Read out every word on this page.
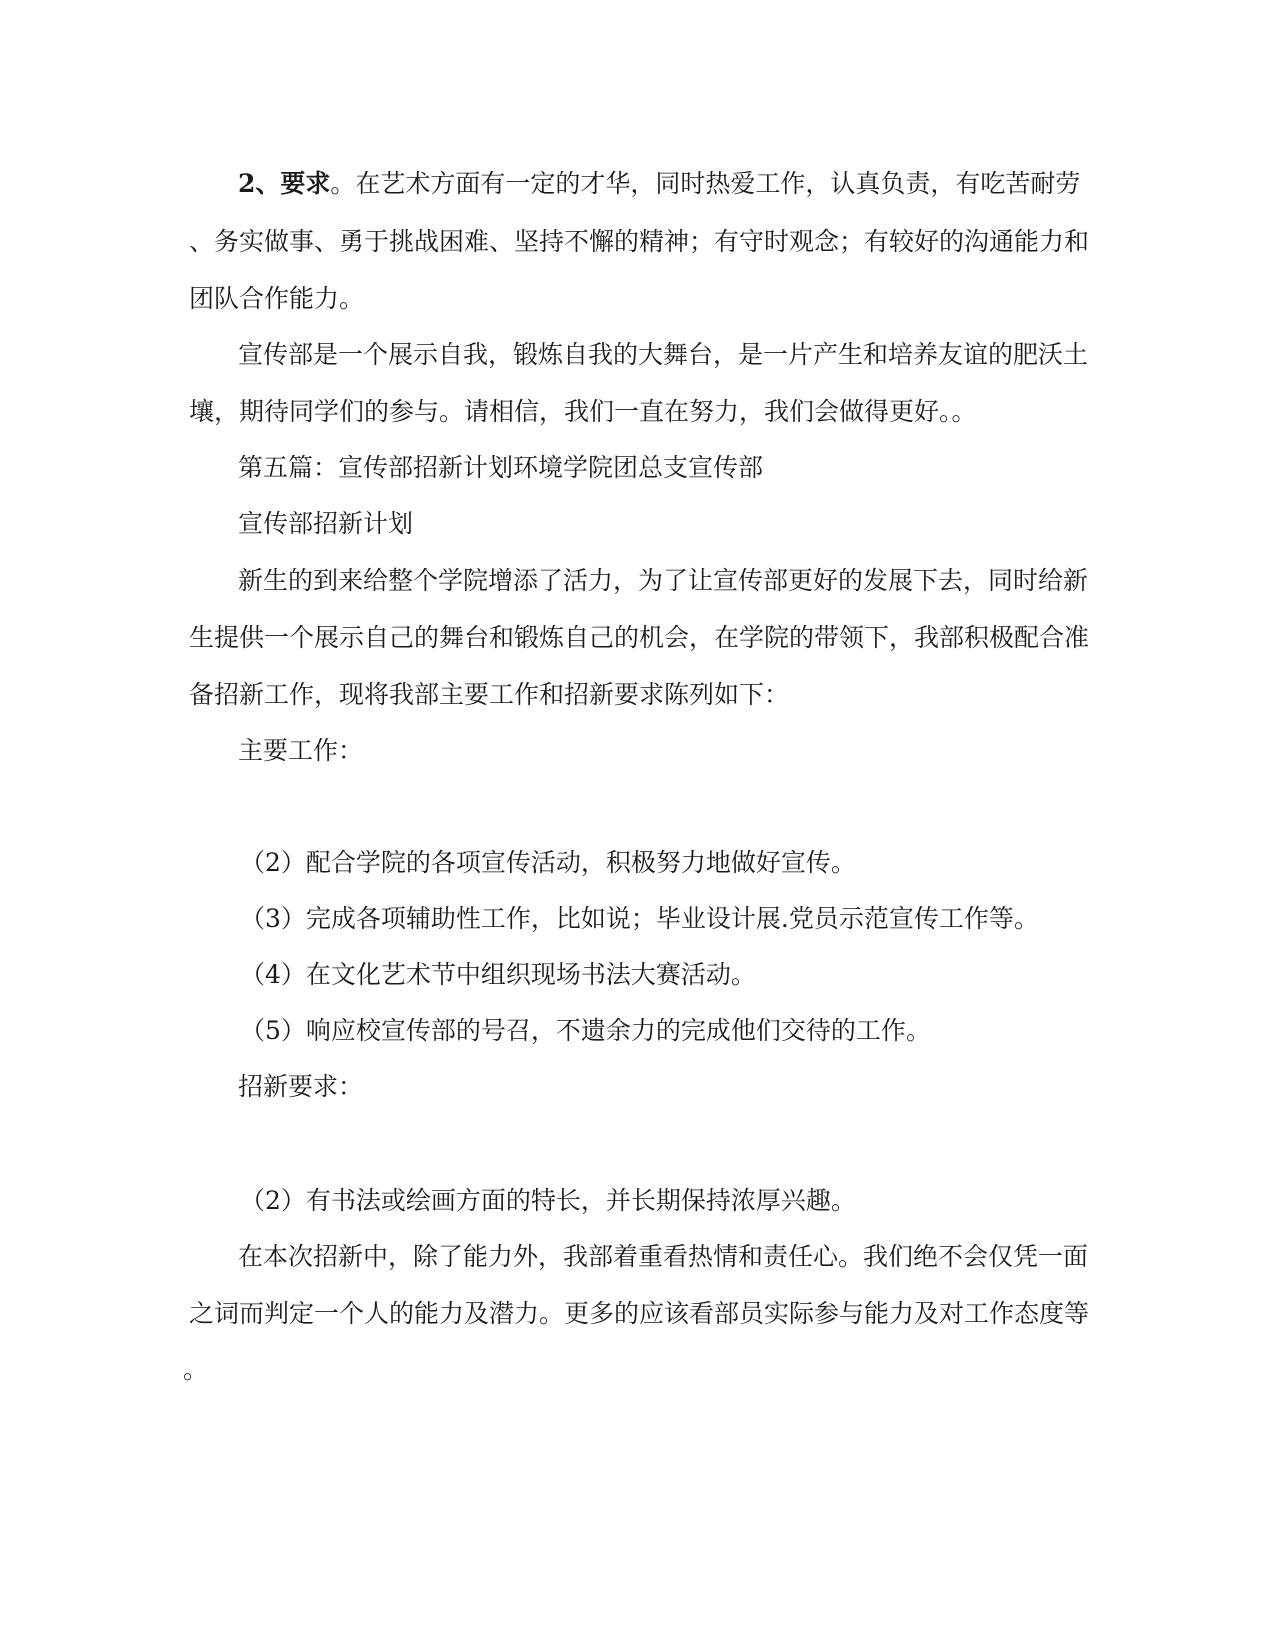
2、要求。在艺术方面有一定的才华，同时热爱工作，认真负责，有吃苦耐劳
、务实做事、勇于挑战困难、坚持不懈的精神；有守时观念；有较好的沟通能力和
团队合作能力。
宣传部是一个展示自我，锻炼自我的大舞台，是一片产生和培养友谊的肥沃土
壤，期待同学们的参与。请相信，我们一直在努力，我们会做得更好。。
第五篇：宣传部招新计划环境学院团总支宣传部
宣传部招新计划
新生的到来给整个学院增添了活力，为了让宣传部更好的发展下去，同时给新
生提供一个展示自己的舞台和锻炼自己的机会，在学院的带领下，我部积极配合准
备招新工作，现将我部主要工作和招新要求陈列如下：
主要工作：
（2）配合学院的各项宣传活动，积极努力地做好宣传。
（3）完成各项辅助性工作，比如说；毕业设计展.党员示范宣传工作等。
（4）在文化艺术节中组织现场书法大赛活动。
（5）响应校宣传部的号召，不遗余力的完成他们交待的工作。
招新要求：
（2）有书法或绘画方面的特长，并长期保持浓厚兴趣。
在本次招新中，除了能力外，我部着重看热情和责任心。我们绝不会仅凭一面
之词而判定一个人的能力及潜力。更多的应该看部员实际参与能力及对工作态度等
。
